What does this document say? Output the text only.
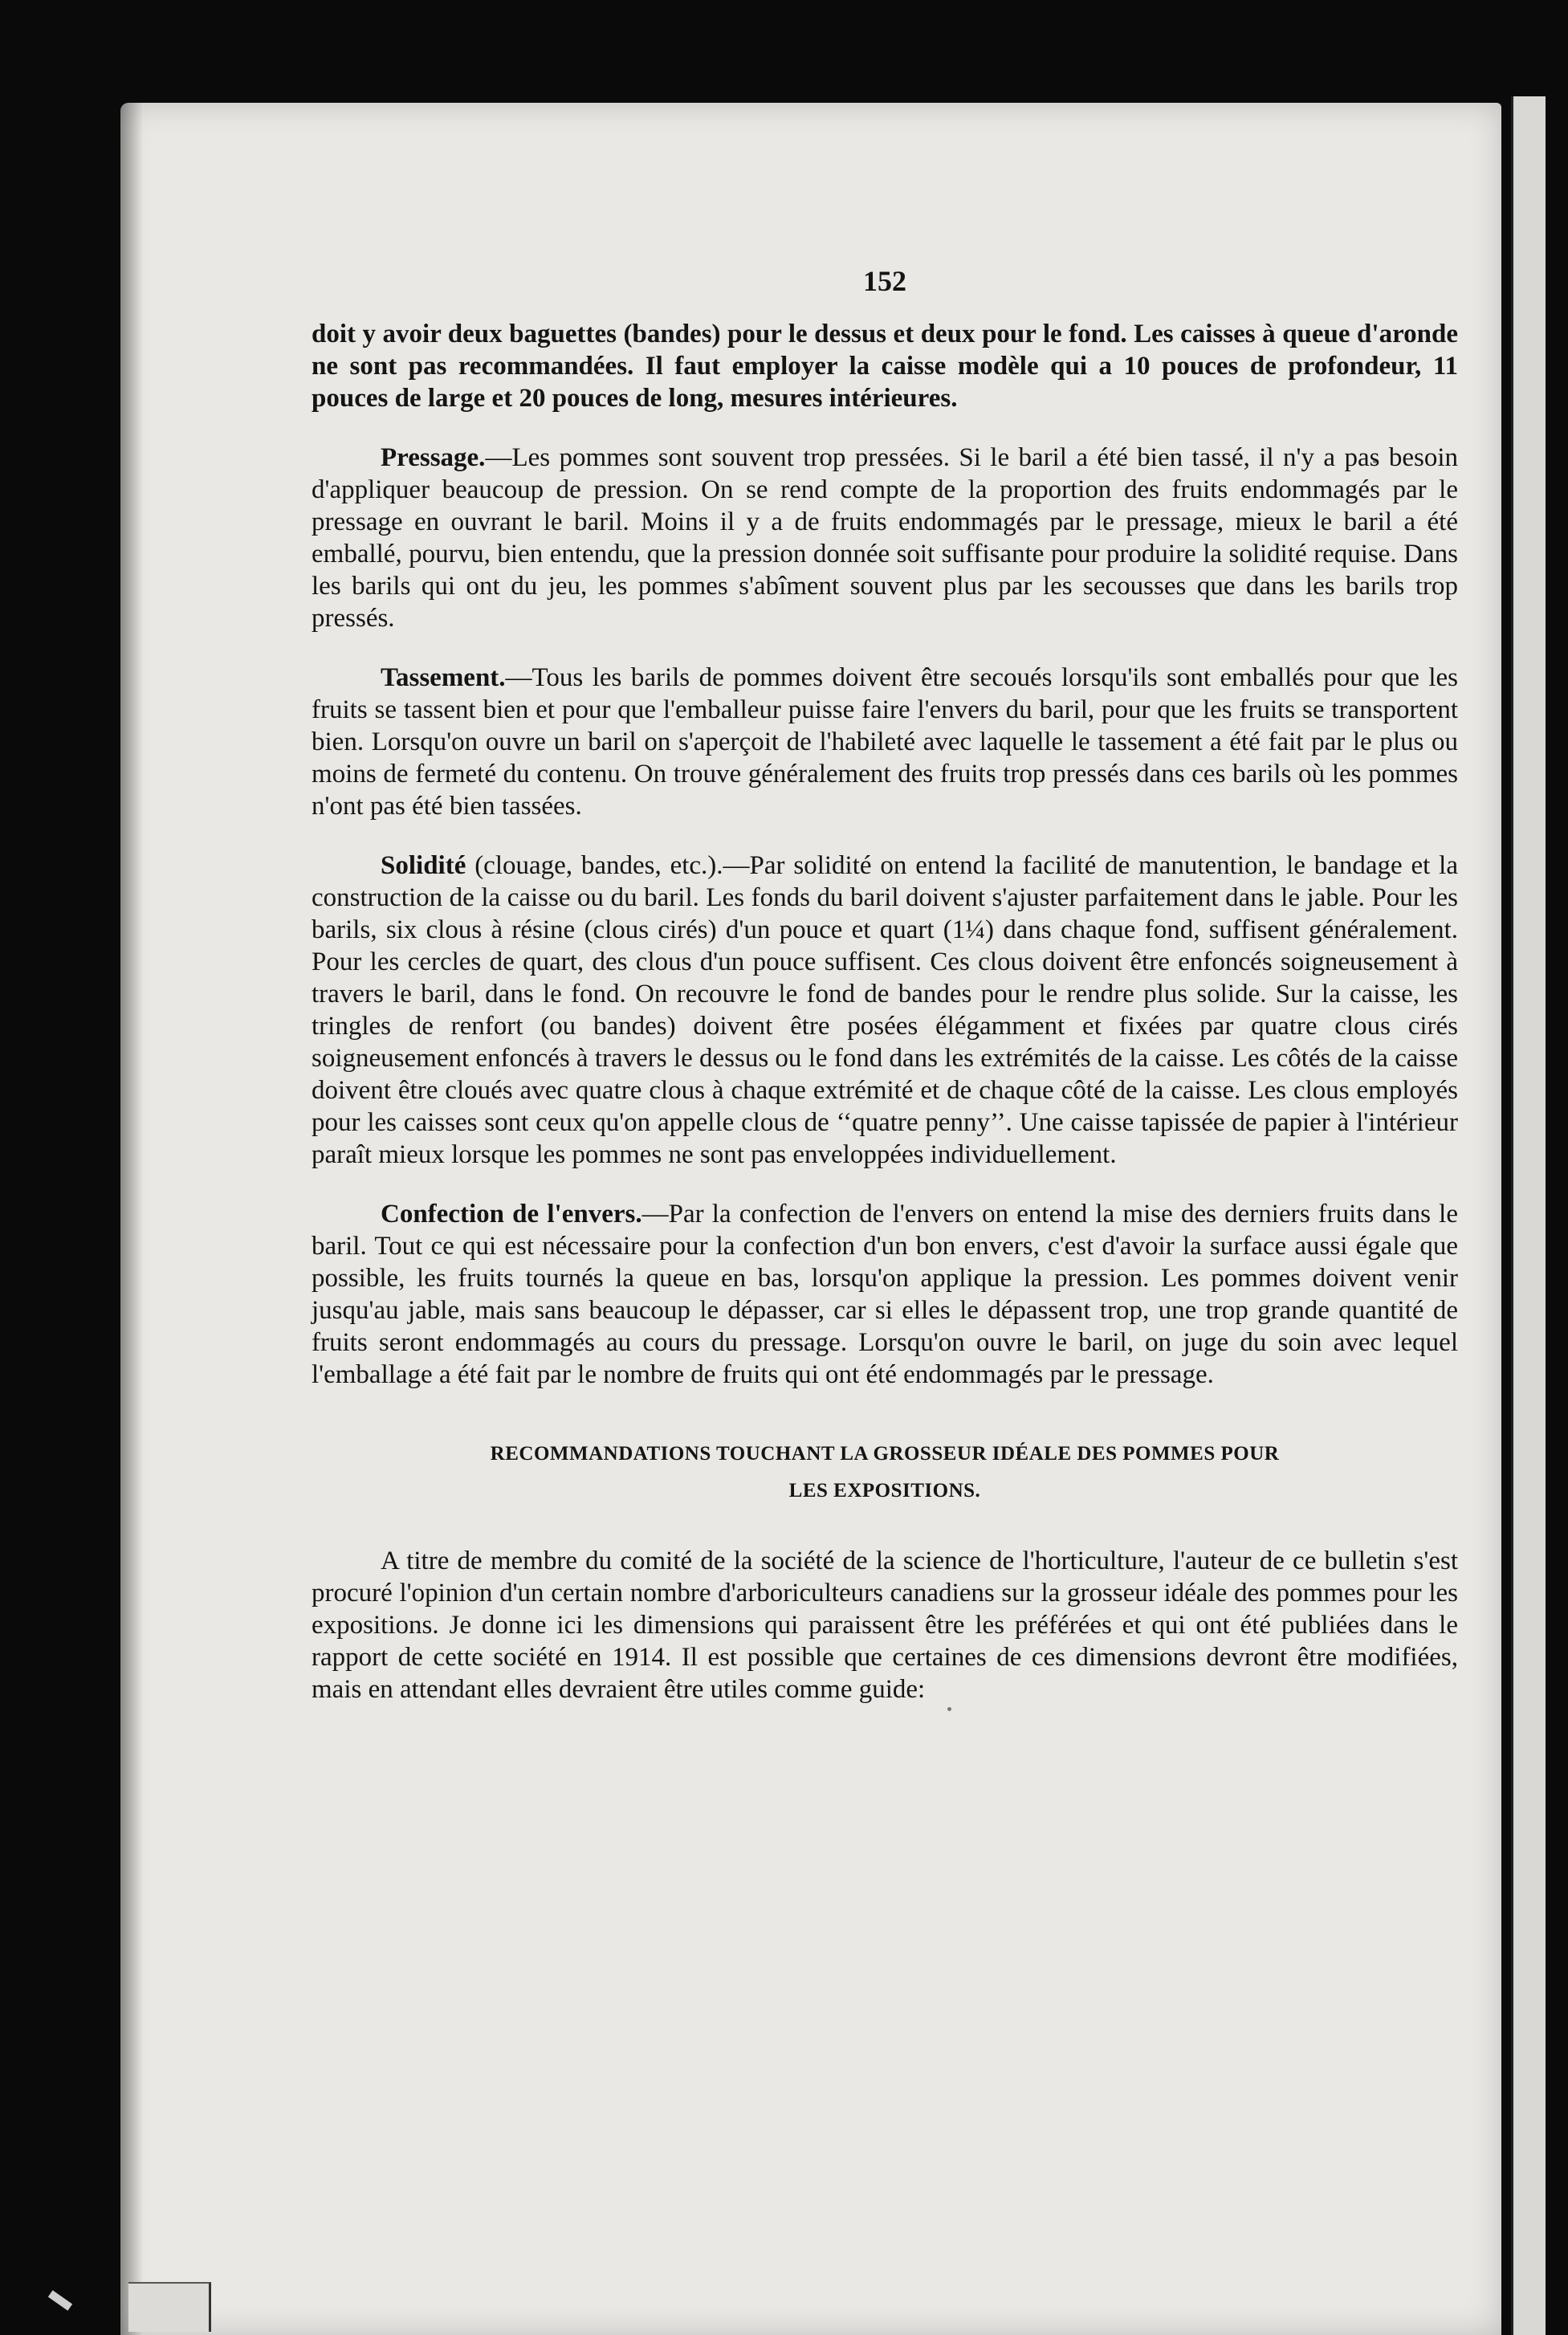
152

doit y avoir deux baguettes (bandes) pour le dessus et deux pour le fond. Les caisses à queue d'aronde ne sont pas recommandées. Il faut employer la caisse modèle qui a 10 pouces de profondeur, 11 pouces de large et 20 pouces de long, mesures intérieures.

Pressage.—Les pommes sont souvent trop pressées. Si le baril a été bien tassé, il n'y a pas besoin d'appliquer beaucoup de pression. On se rend compte de la proportion des fruits endommagés par le pressage en ouvrant le baril. Moins il y a de fruits endommagés par le pressage, mieux le baril a été emballé, pourvu, bien entendu, que la pression donnée soit suffisante pour produire la solidité requise. Dans les barils qui ont du jeu, les pommes s'abîment souvent plus par les secousses que dans les barils trop pressés.

Tassement.—Tous les barils de pommes doivent être secoués lorsqu'ils sont emballés pour que les fruits se tassent bien et pour que l'emballeur puisse faire l'envers du baril, pour que les fruits se transportent bien. Lorsqu'on ouvre un baril on s'aperçoit de l'habileté avec laquelle le tassement a été fait par le plus ou moins de fermeté du contenu. On trouve généralement des fruits trop pressés dans ces barils où les pommes n'ont pas été bien tassées.

Solidité (clouage, bandes, etc.).—Par solidité on entend la facilité de manutention, le bandage et la construction de la caisse ou du baril. Les fonds du baril doivent s'ajuster parfaitement dans le jable. Pour les barils, six clous à résine (clous cirés) d'un pouce et quart (1¼) dans chaque fond, suffisent généralement. Pour les cercles de quart, des clous d'un pouce suffisent. Ces clous doivent être enfoncés soigneusement à travers le baril, dans le fond. On recouvre le fond de bandes pour le rendre plus solide. Sur la caisse, les tringles de renfort (ou bandes) doivent être posées élégamment et fixées par quatre clous cirés soigneusement enfoncés à travers le dessus ou le fond dans les extrémités de la caisse. Les côtés de la caisse doivent être cloués avec quatre clous à chaque extrémité et de chaque côté de la caisse. Les clous employés pour les caisses sont ceux qu'on appelle clous de ‘‘quatre penny’’. Une caisse tapissée de papier à l'intérieur paraît mieux lorsque les pommes ne sont pas enveloppées individuellement.

Confection de l'envers.—Par la confection de l'envers on entend la mise des derniers fruits dans le baril. Tout ce qui est nécessaire pour la confection d'un bon envers, c'est d'avoir la surface aussi égale que possible, les fruits tournés la queue en bas, lorsqu'on applique la pression. Les pommes doivent venir jusqu'au jable, mais sans beaucoup le dépasser, car si elles le dépassent trop, une trop grande quantité de fruits seront endommagés au cours du pressage. Lorsqu'on ouvre le baril, on juge du soin avec lequel l'emballage a été fait par le nombre de fruits qui ont été endommagés par le pressage.

RECOMMANDATIONS TOUCHANT LA GROSSEUR IDÉALE DES POMMES POUR
LES EXPOSITIONS.

A titre de membre du comité de la société de la science de l'horticulture, l'auteur de ce bulletin s'est procuré l'opinion d'un certain nombre d'arboriculteurs canadiens sur la grosseur idéale des pommes pour les expositions. Je donne ici les dimensions qui paraissent être les préférées et qui ont été publiées dans le rapport de cette société en 1914. Il est possible que certaines de ces dimensions devront être modifiées, mais en attendant elles devraient être utiles comme guide:
